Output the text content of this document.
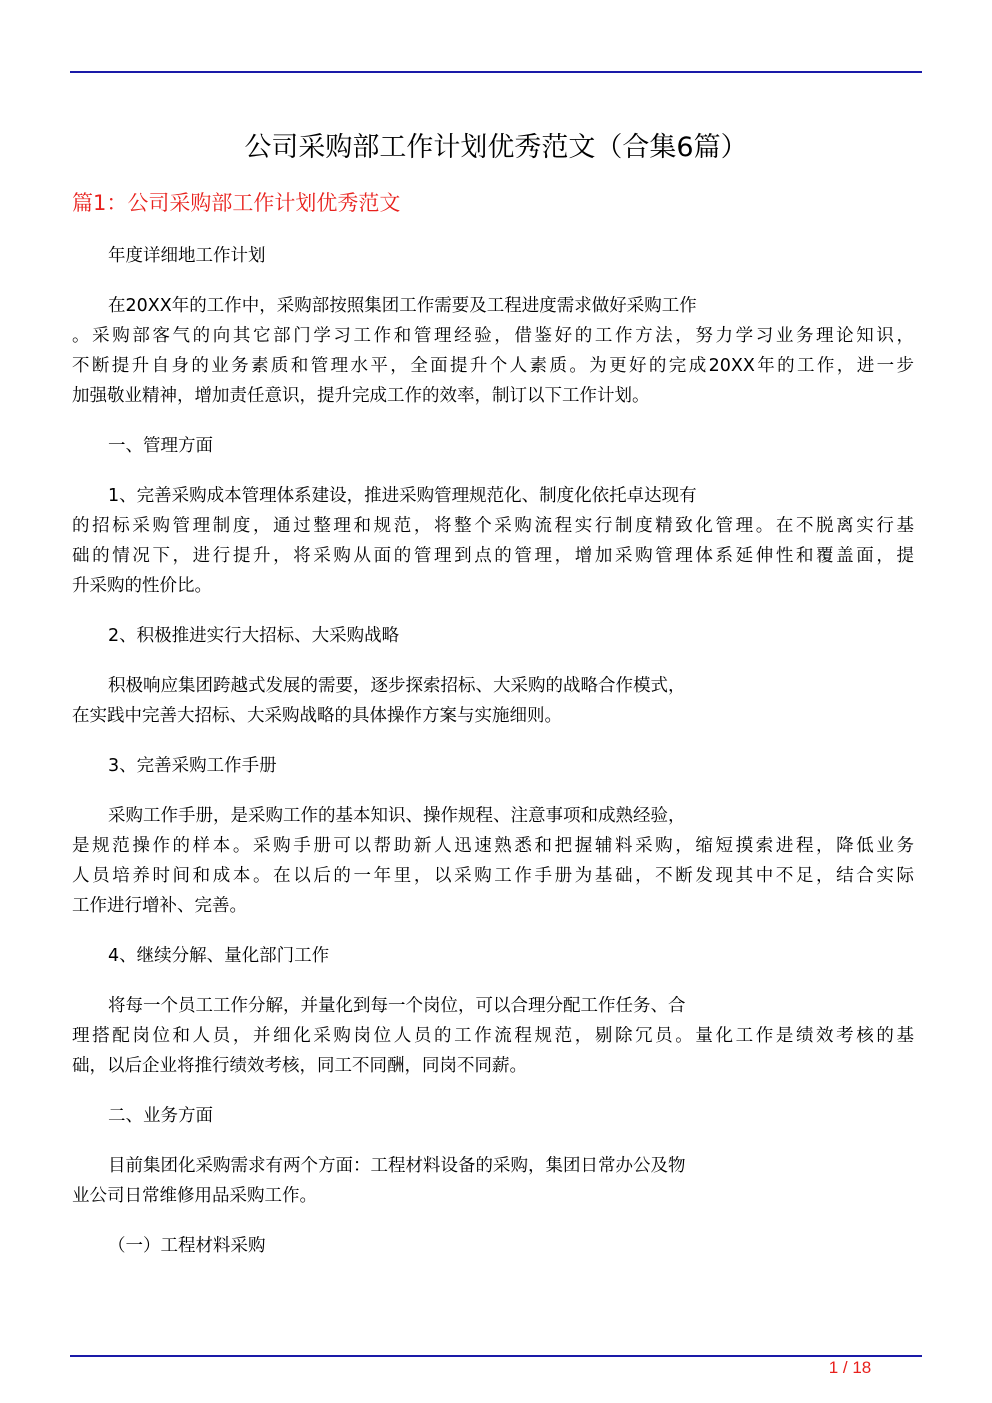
公司采购部工作计划优秀范文（合集6篇）
篇1：公司采购部工作计划优秀范文
年度详细地工作计划
在20XX年的工作中，采购部按照集团工作需要及工程进度需求做好采购工作
。采购部客气的向其它部门学习工作和管理经验，借鉴好的工作方法，努力学习业务理论知识，
不断提升自身的业务素质和管理水平，全面提升个人素质。为更好的完成20XX年的工作，进一步
加强敬业精神，增加责任意识，提升完成工作的效率，制订以下工作计划。
一、管理方面
1、完善采购成本管理体系建设，推进采购管理规范化、制度化依托卓达现有
的招标采购管理制度，通过整理和规范，将整个采购流程实行制度精致化管理。在不脱离实行基
础的情况下，进行提升，将采购从面的管理到点的管理，增加采购管理体系延伸性和覆盖面，提
升采购的性价比。
2、积极推进实行大招标、大采购战略
积极响应集团跨越式发展的需要，逐步探索招标、大采购的战略合作模式，
在实践中完善大招标、大采购战略的具体操作方案与实施细则。
3、完善采购工作手册
采购工作手册，是采购工作的基本知识、操作规程、注意事项和成熟经验，
是规范操作的样本。采购手册可以帮助新人迅速熟悉和把握辅料采购，缩短摸索进程，降低业务
人员培养时间和成本。在以后的一年里，以采购工作手册为基础，不断发现其中不足，结合实际
工作进行增补、完善。
4、继续分解、量化部门工作
将每一个员工工作分解，并量化到每一个岗位，可以合理分配工作任务、合
理搭配岗位和人员，并细化采购岗位人员的工作流程规范，剔除冗员。量化工作是绩效考核的基
础，以后企业将推行绩效考核，同工不同酬，同岗不同薪。
二、业务方面
目前集团化采购需求有两个方面：工程材料设备的采购，集团日常办公及物
业公司日常维修用品采购工作。
（一）工程材料采购
1 / 18
